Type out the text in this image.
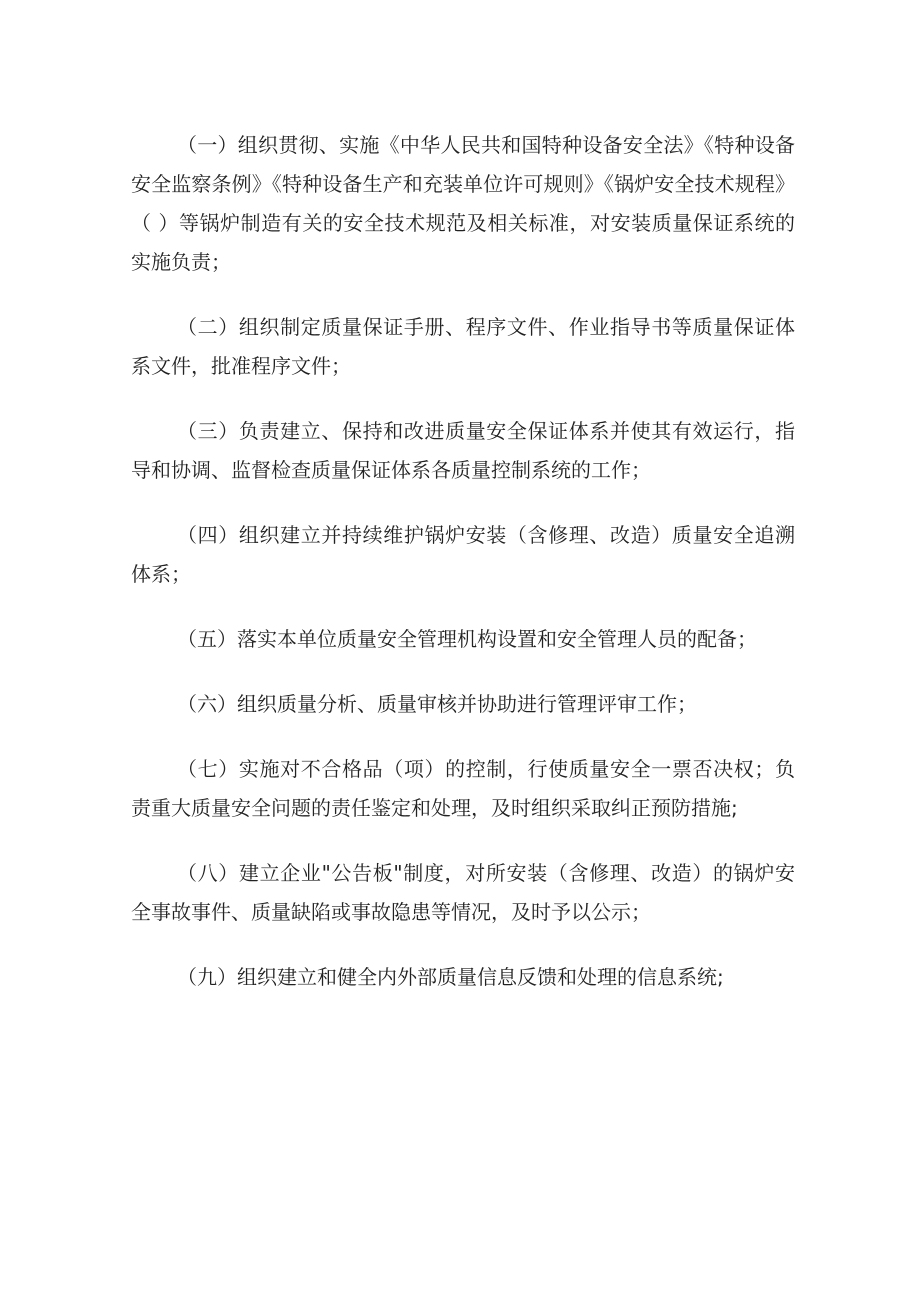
（一）组织贯彻、实施《中华人民共和国特种设备安全法》《特种设备安全监察条例》《特种设备生产和充装单位许可规则》《锅炉安全技术规程》（ ）等锅炉制造有关的安全技术规范及相关标准，对安装质量保证系统的实施负责；

（二）组织制定质量保证手册、程序文件、作业指导书等质量保证体系文件，批准程序文件；

（三）负责建立、保持和改进质量安全保证体系并使其有效运行，指导和协调、监督检查质量保证体系各质量控制系统的工作；

（四）组织建立并持续维护锅炉安装（含修理、改造）质量安全追溯体系；

（五）落实本单位质量安全管理机构设置和安全管理人员的配备；

（六）组织质量分析、质量审核并协助进行管理评审工作；

（七）实施对不合格品（项）的控制，行使质量安全一票否决权；负责重大质量安全问题的责任鉴定和处理，及时组织采取纠正预防措施;

（八）建立企业"公告板"制度，对所安装（含修理、改造）的锅炉安全事故事件、质量缺陷或事故隐患等情况，及时予以公示；

（九）组织建立和健全内外部质量信息反馈和处理的信息系统;
